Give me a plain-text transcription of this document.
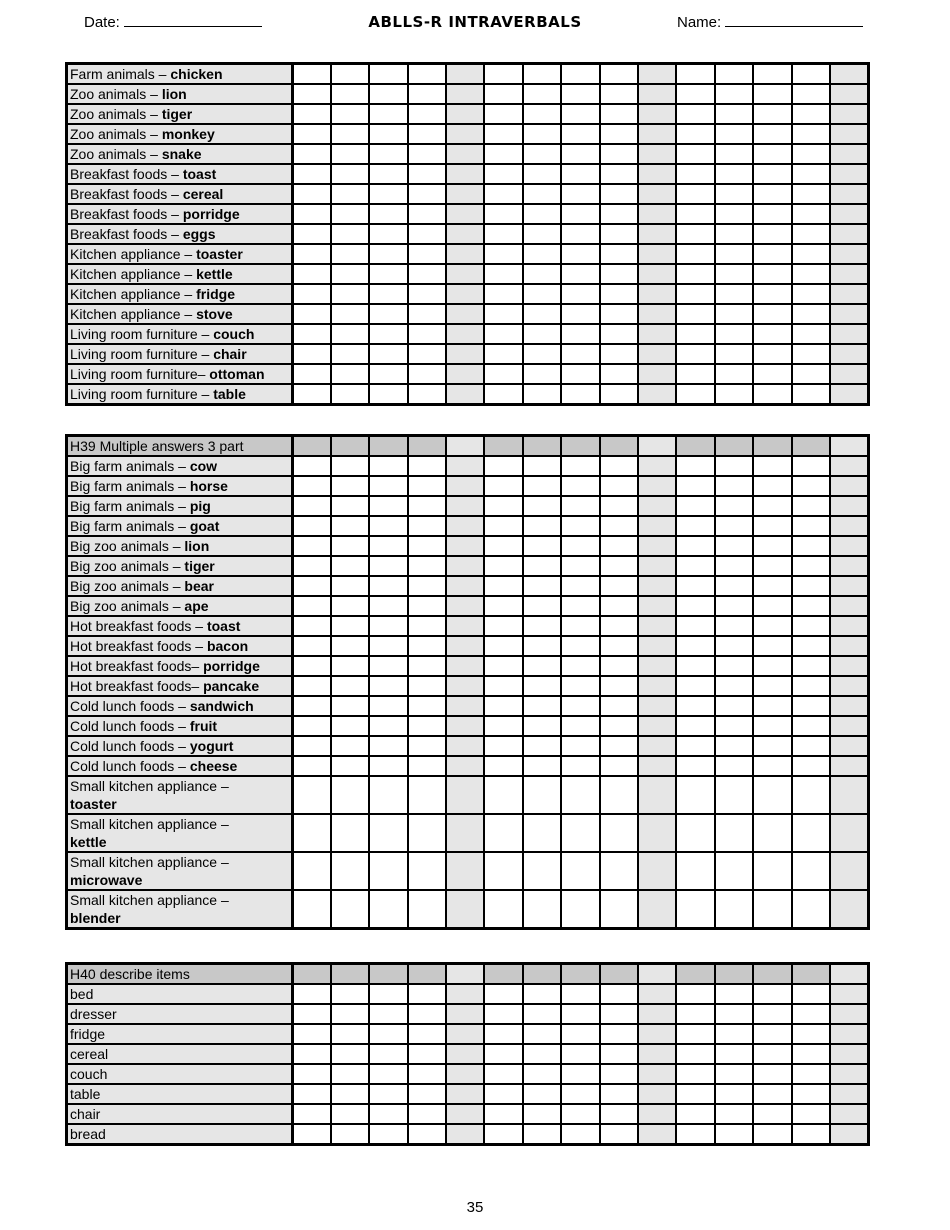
Date:	ABLLS-R INTRAVERBALS	Name:
Farm animals – chicken															
Zoo animals – lion															
Zoo animals – tiger															
Zoo animals – monkey															
Zoo animals – snake															
Breakfast foods – toast															
Breakfast foods – cereal															
Breakfast foods – porridge															
Breakfast foods – eggs															
Kitchen appliance – toaster															
Kitchen appliance – kettle															
Kitchen appliance – fridge															
Kitchen appliance – stove															
Living room furniture – couch															
Living room furniture – chair															
Living room furniture– ottoman															
Living room furniture – table															
H39 Multiple answers 3 part															
Big farm animals – cow															
Big farm animals – horse															
Big farm animals – pig															
Big farm animals – goat															
Big zoo animals – lion															
Big zoo animals – tiger															
Big zoo animals – bear															
Big zoo animals – ape															
Hot breakfast foods – toast															
Hot breakfast foods – bacon															
Hot breakfast foods– porridge															
Hot breakfast foods– pancake															
Cold lunch foods – sandwich															
Cold lunch foods – fruit															
Cold lunch foods – yogurt															
Cold lunch foods – cheese															
Small kitchen appliance –
toaster															
Small kitchen appliance –
kettle															
Small kitchen appliance –
microwave															
Small kitchen appliance –
blender															
H40 describe items															
bed															
dresser															
fridge															
cereal															
couch															
table															
chair															
bread															
35
